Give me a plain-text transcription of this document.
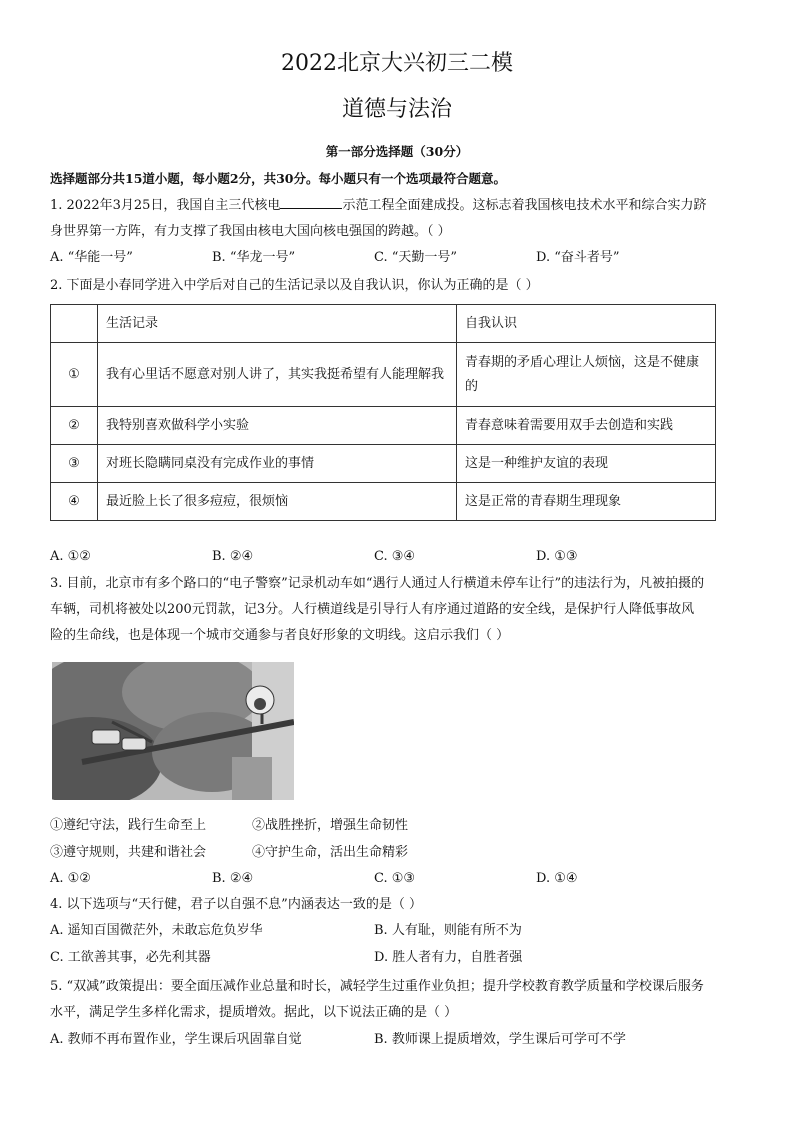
2022北京大兴初三二模
道德与法治
第一部分选择题（30分）
选择题部分共15道小题，每小题2分，共30分。每小题只有一个选项最符合题意。
1. 2022年3月25日，我国自主三代核电	示范工程全面建成投。这标志着我国核电技术水平和综合实力跻
身世界第一方阵，有力支撑了我国由核电大国向核电强国的跨越。（ ）
A. “华能一号”	B. “华龙一号”	C. “天勤一号”	D. “奋斗者号”
2. 下面是小春同学进入中学后对自己的生活记录以及自我认识，你认为正确的是（ ）
	生活记录	自我认识
①	我有心里话不愿意对别人讲了，其实我挺希望有人能理解我	青春期的矛盾心理让人烦恼，这是不健康的
②	我特别喜欢做科学小实验	青春意味着需要用双手去创造和实践
③	对班长隐瞒同桌没有完成作业的事情	这是一种维护友谊的表现
④	最近脸上长了很多痘痘，很烦恼	这是正常的青春期生理现象
A. ①②	B. ②④	C. ③④	D. ①③
3. 目前，北京市有多个路口的“电子警察”记录机动车如“遇行人通过人行横道未停车让行”的违法行为，凡被拍摄的
车辆，司机将被处以200元罚款，记3分。人行横道线是引导行人有序通过道路的安全线，是保护行人降低事故风
险的生命线，也是体现一个城市交通参与者良好形象的文明线。这启示我们（ ）
①遵纪守法，践行生命至上	②战胜挫折，增强生命韧性
③遵守规则，共建和谐社会	④守护生命，活出生命精彩
A. ①②	B. ②④	C. ①③	D. ①④
4. 以下选项与“天行健，君子以自强不息”内涵表达一致的是（ ）
A. 遥知百国微茫外，未敢忘危负岁华	B. 人有耻，则能有所不为
C. 工欲善其事，必先利其器	D. 胜人者有力，自胜者强
5. “双减”政策提出：要全面压减作业总量和时长，减轻学生过重作业负担；提升学校教育教学质量和学校课后服务
水平，满足学生多样化需求，提质增效。据此，以下说法正确的是（ ）
A. 教师不再布置作业，学生课后巩固靠自觉	B. 教师课上提质增效，学生课后可学可不学
